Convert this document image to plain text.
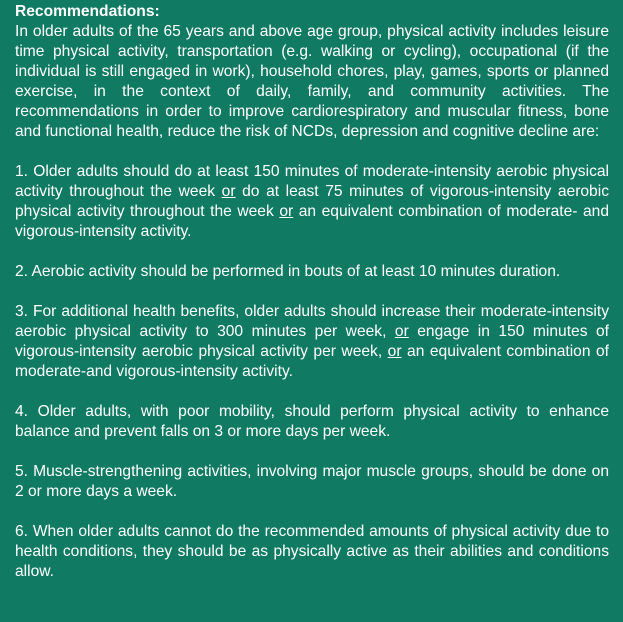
Recommendations:

In older adults of the 65 years and above age group, physical activity includes leisure time physical activity, transportation (e.g. walking or cycling), occupational (if the individual is still engaged in work), household chores, play, games, sports or planned exercise, in the context of daily, family, and community activities. The recommendations in order to improve cardiorespiratory and muscular fitness, bone and functional health, reduce the risk of NCDs, depression and cognitive decline are:

1. Older adults should do at least 150 minutes of moderate-intensity aerobic physical activity throughout the week or do at least 75 minutes of vigorous-intensity aerobic physical activity throughout the week or an equivalent combination of moderate- and vigorous-intensity activity.

2. Aerobic activity should be performed in bouts of at least 10 minutes duration.

3. For additional health benefits, older adults should increase their moderate-intensity aerobic physical activity to 300 minutes per week, or engage in 150 minutes of vigorous-intensity aerobic physical activity per week, or an equivalent combination of moderate-and vigorous-intensity activity.

4. Older adults, with poor mobility, should perform physical activity to enhance balance and prevent falls on 3 or more days per week.

5. Muscle-strengthening activities, involving major muscle groups, should be done on 2 or more days a week.

6. When older adults cannot do the recommended amounts of physical activity due to health conditions, they should be as physically active as their abilities and conditions allow.
